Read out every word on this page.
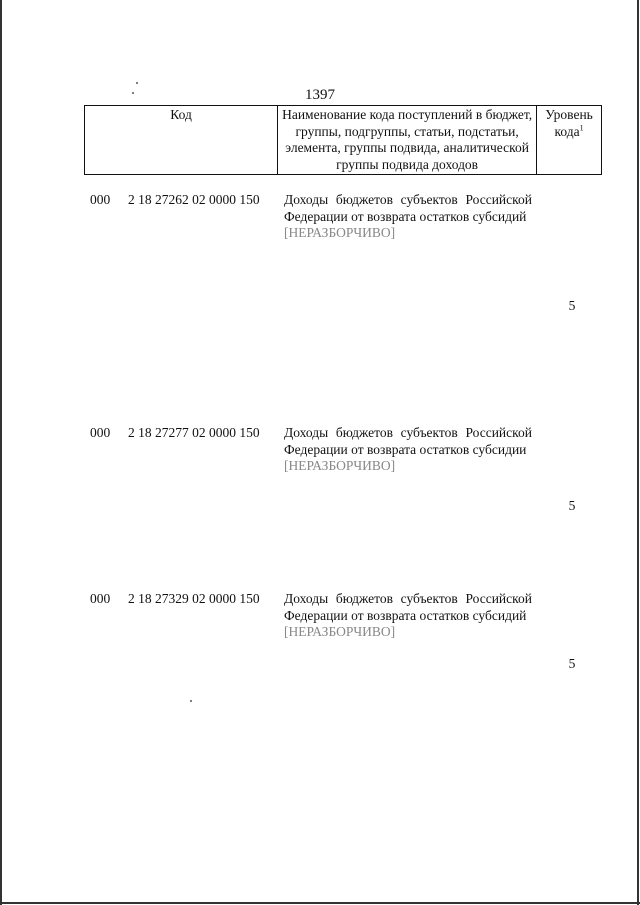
1397
Код	Наименование кода поступлений в бюджет, группы, подгруппы, статьи, подстатьи, элемента, группы подвида, аналитической группы подвида доходов	Уровень
кода$^1$
000 2 18 27262 02 0000 150 Доходы бюджетов субъектов Российской Федерации от возврата остатков субсидий

[НЕРАЗБОРЧИВО]

5
000 2 18 27277 02 0000 150 Доходы бюджетов субъектов Российской Федерации от возврата остатков субсидии

[НЕРАЗБОРЧИВО]

5
000 2 18 27329 02 0000 150 Доходы бюджетов субъектов Российской Федерации от возврата остатков субсидий

[НЕРАЗБОРЧИВО]

5
